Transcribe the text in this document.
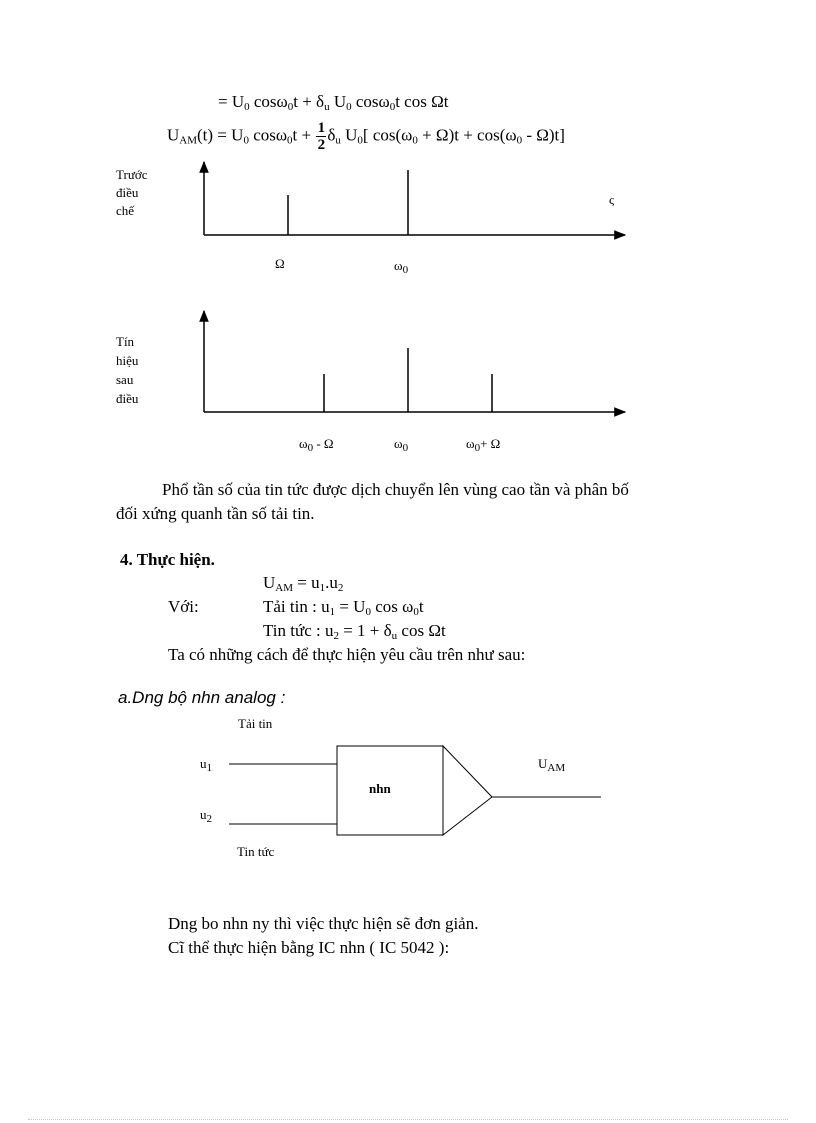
= $U_0$ $\cos\omega_0t + \delta_u$ $U_0$ cosω$_0$t cos Ωt
$U_{AM}(t) = U_0$ $\cos\omega_0t + \frac{1}{2} \delta_u$ $U_0$[ $\cos(\omega_0 + \Omega)t + \cos(\omega_0 - \Omega)t$]
Trước
điều
chế
ς
Ω	$\omega_0$
Tín
hiệu
sau
điều
$\omega_0$ - Ω	$\omega_0$	$\omega_0+ \Omega$
Phổ tần số của tin tức được dịch chuyển lên vùng cao tần và phân bố
đối xứng quanh tần số tải tin.
4. Thực hiện.
$U_{AM} = u_1.u_2$
Với:	Tải tin : $u_1 = U_0$ $\cos \omega_0t$
Tin tức : $u_2 = 1 + \delta_u$ cos Ωt
Ta có những cách để thực hiện yêu cầu trên như sau:
a.Dng bộ nhn analog :
Tải tin
$u_1$
$u_2$
nhn
$U_{AM}$
Tin tức
Dng bo nhn ny thì việc thực hiện sẽ đơn giản.
Cĩ thể thực hiện bằng IC nhn ( IC 5042 ):
